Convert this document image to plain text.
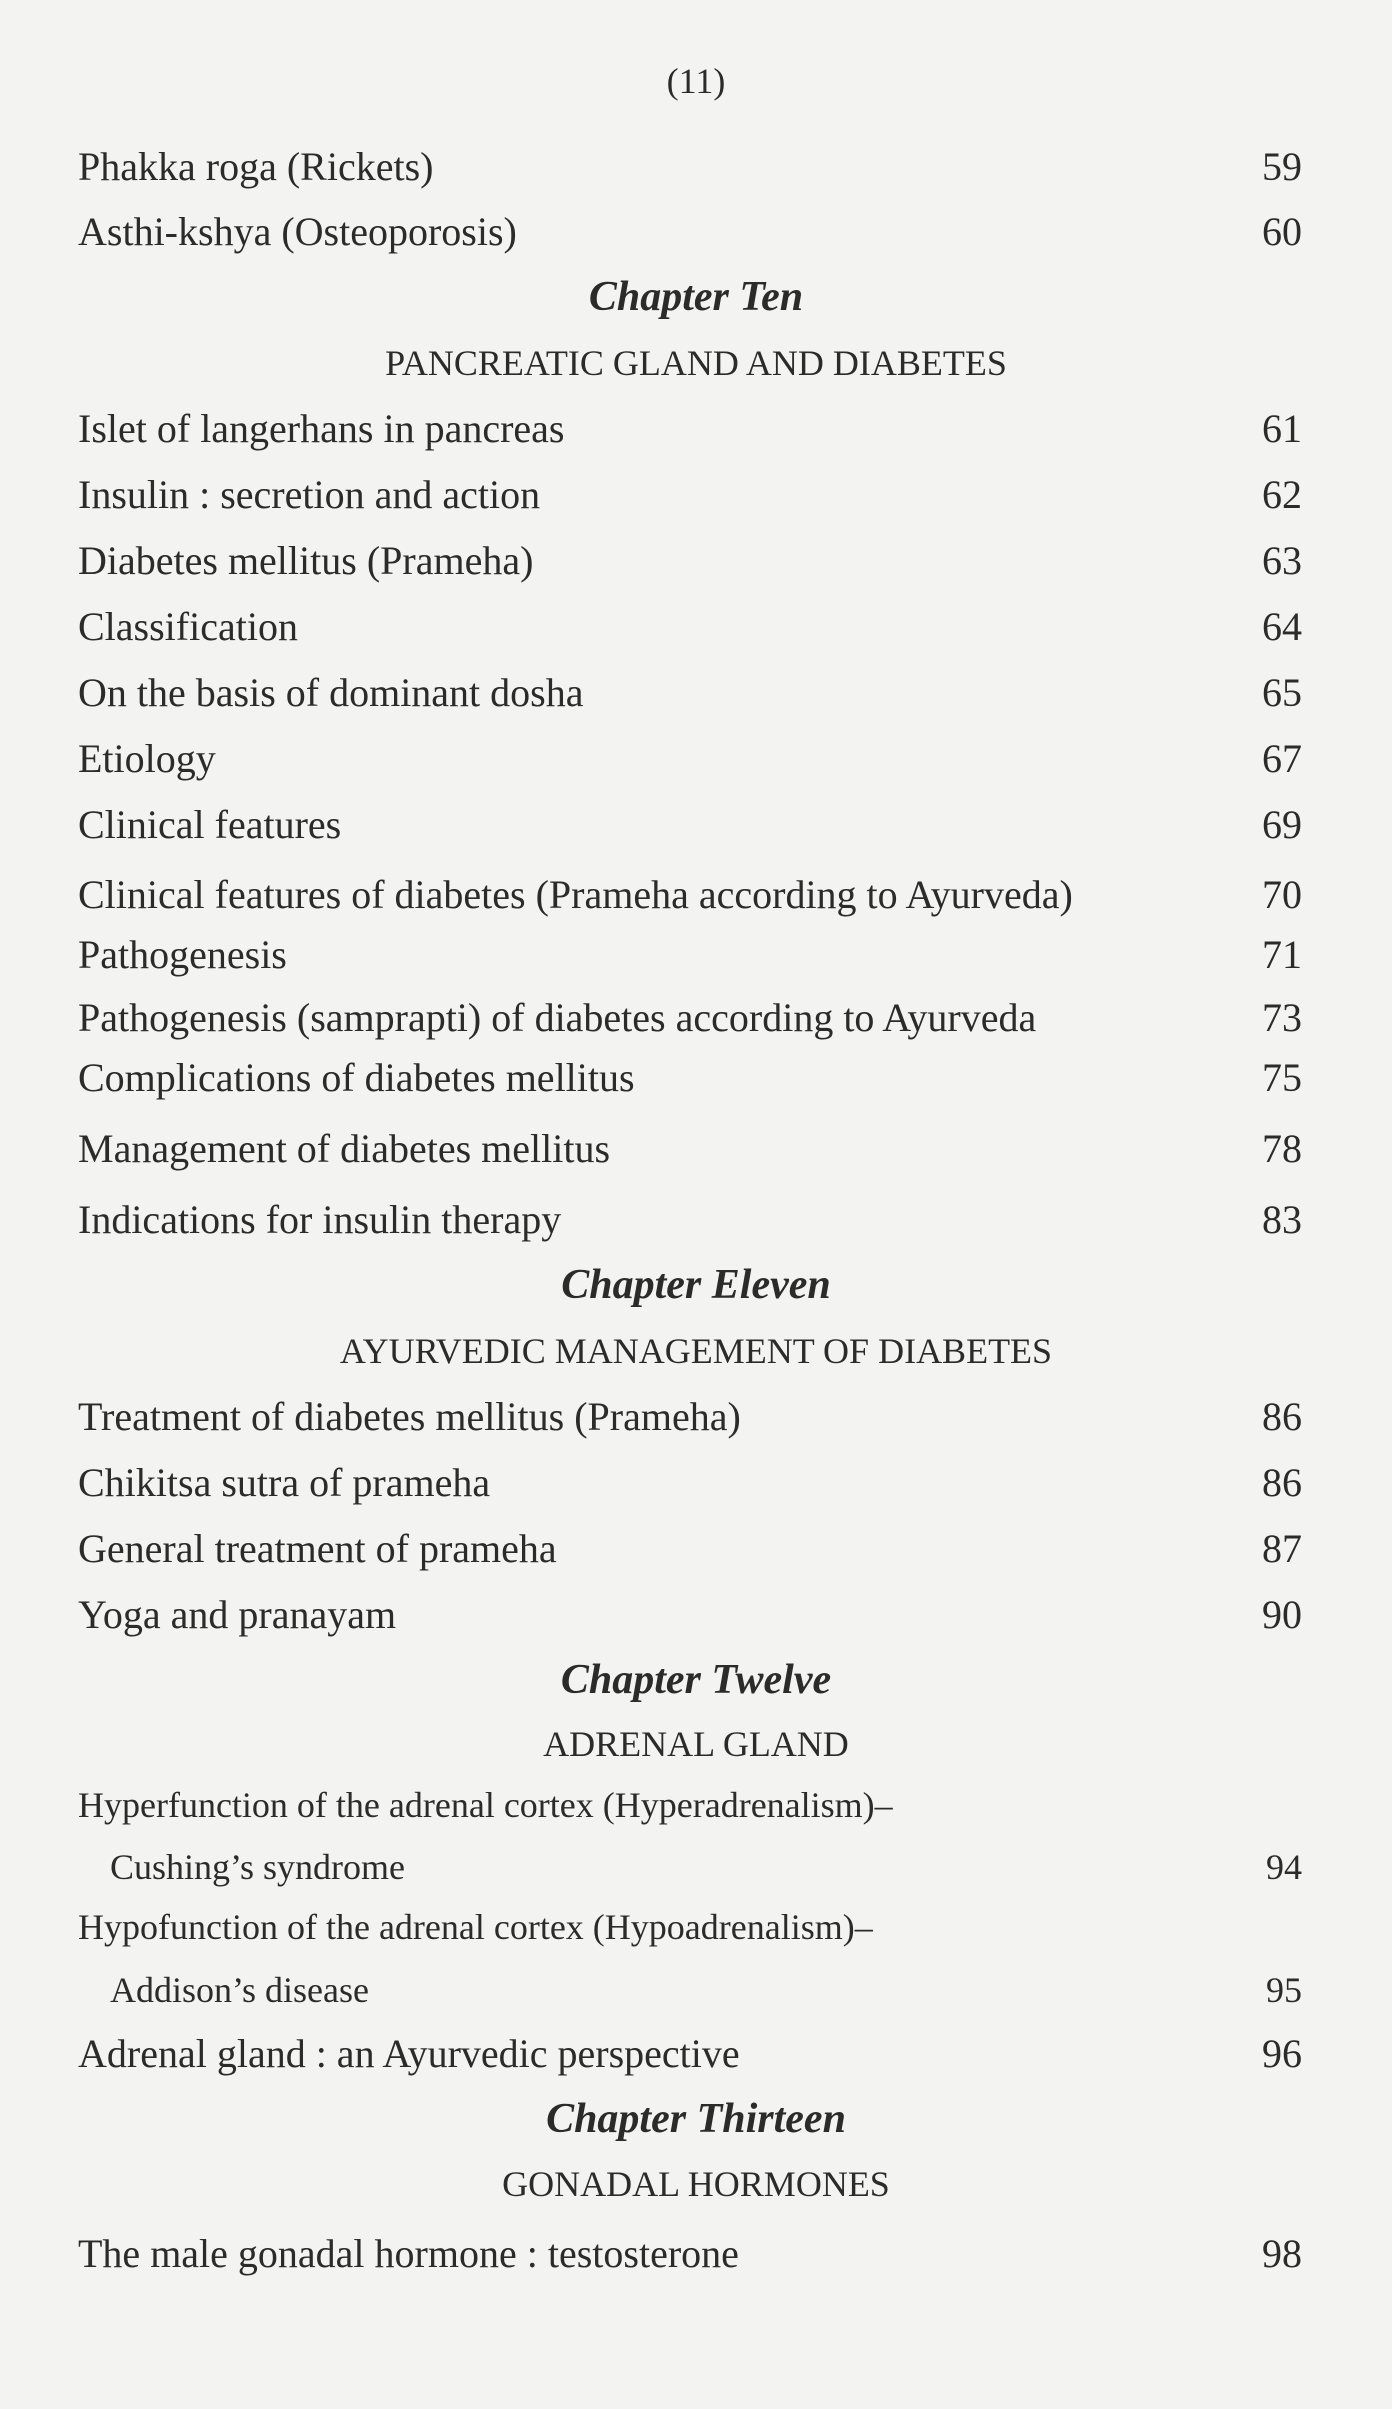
(11)
Phakka roga (Rickets)	59
Asthi-kshya (Osteoporosis)	60
Chapter Ten
PANCREATIC GLAND AND DIABETES
Islet of langerhans in pancreas	61
Insulin : secretion and action	62
Diabetes mellitus (Prameha)	63
Classification	64
On the basis of dominant dosha	65
Etiology	67
Clinical features	69
Clinical features of diabetes (Prameha according to Ayurveda)	70
Pathogenesis	71
Pathogenesis (samprapti) of diabetes according to Ayurveda	73
Complications of diabetes mellitus	75
Management of diabetes mellitus	78
Indications for insulin therapy	83
Chapter Eleven
AYURVEDIC MANAGEMENT OF DIABETES
Treatment of diabetes mellitus (Prameha)	86
Chikitsa sutra of prameha	86
General treatment of prameha	87
Yoga and pranayam	90
Chapter Twelve
ADRENAL GLAND
Hyperfunction of the adrenal cortex (Hyperadrenalism)–
Cushing’s syndrome	94
Hypofunction of the adrenal cortex (Hypoadrenalism)–
Addison’s disease	95
Adrenal gland : an Ayurvedic perspective	96
Chapter Thirteen
GONADAL HORMONES
The male gonadal hormone : testosterone	98
